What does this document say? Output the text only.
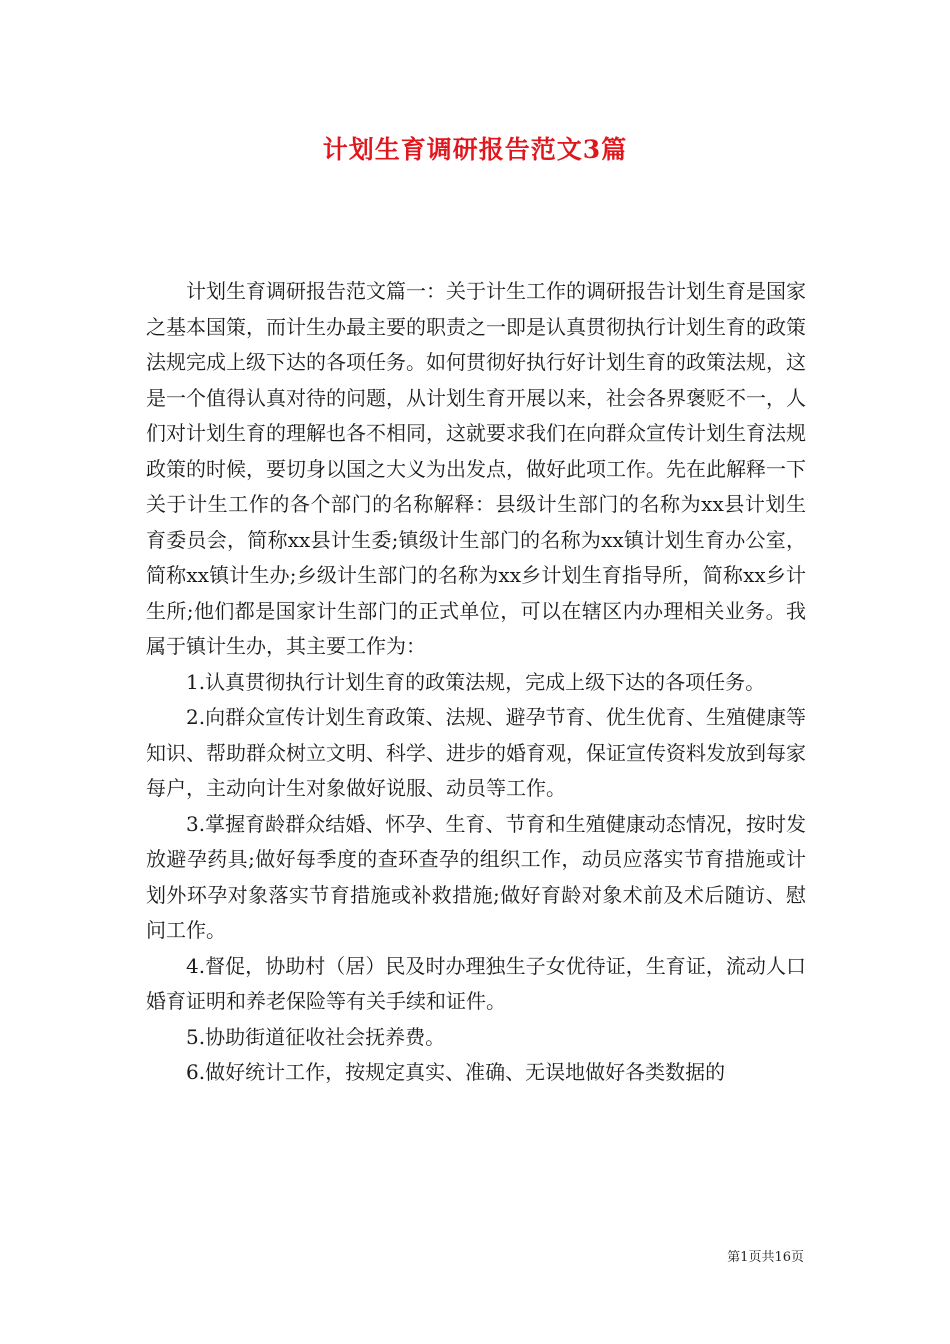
计划生育调研报告范文3篇

计划生育调研报告范文篇一：关于计生工作的调研报告计划生育是国家之基本国策，而计生办最主要的职责之一即是认真贯彻执行计划生育的政策法规完成上级下达的各项任务。如何贯彻好执行好计划生育的政策法规，这是一个值得认真对待的问题，从计划生育开展以来，社会各界褒贬不一，人们对计划生育的理解也各不相同，这就要求我们在向群众宣传计划生育法规政策的时候，要切身以国之大义为出发点，做好此项工作。先在此解释一下关于计生工作的各个部门的名称解释：县级计生部门的名称为xx县计划生育委员会，简称xx县计生委;镇级计生部门的名称为xx镇计划生育办公室，简称xx镇计生办;乡级计生部门的名称为xx乡计划生育指导所，简称xx乡计生所;他们都是国家计生部门的正式单位，可以在辖区内办理相关业务。我属于镇计生办，其主要工作为：

1.认真贯彻执行计划生育的政策法规，完成上级下达的各项任务。

2.向群众宣传计划生育政策、法规、避孕节育、优生优育、生殖健康等知识、帮助群众树立文明、科学、进步的婚育观，保证宣传资料发放到每家每户，主动向计生对象做好说服、动员等工作。

3.掌握育龄群众结婚、怀孕、生育、节育和生殖健康动态情况，按时发放避孕药具;做好每季度的查环查孕的组织工作，动员应落实节育措施或计划外环孕对象落实节育措施或补救措施;做好育龄对象术前及术后随访、慰问工作。

4.督促，协助村（居）民及时办理独生子女优待证，生育证，流动人口婚育证明和养老保险等有关手续和证件。

5.协助街道征收社会抚养费。

6.做好统计工作，按规定真实、准确、无误地做好各类数据的

第1页共16页
